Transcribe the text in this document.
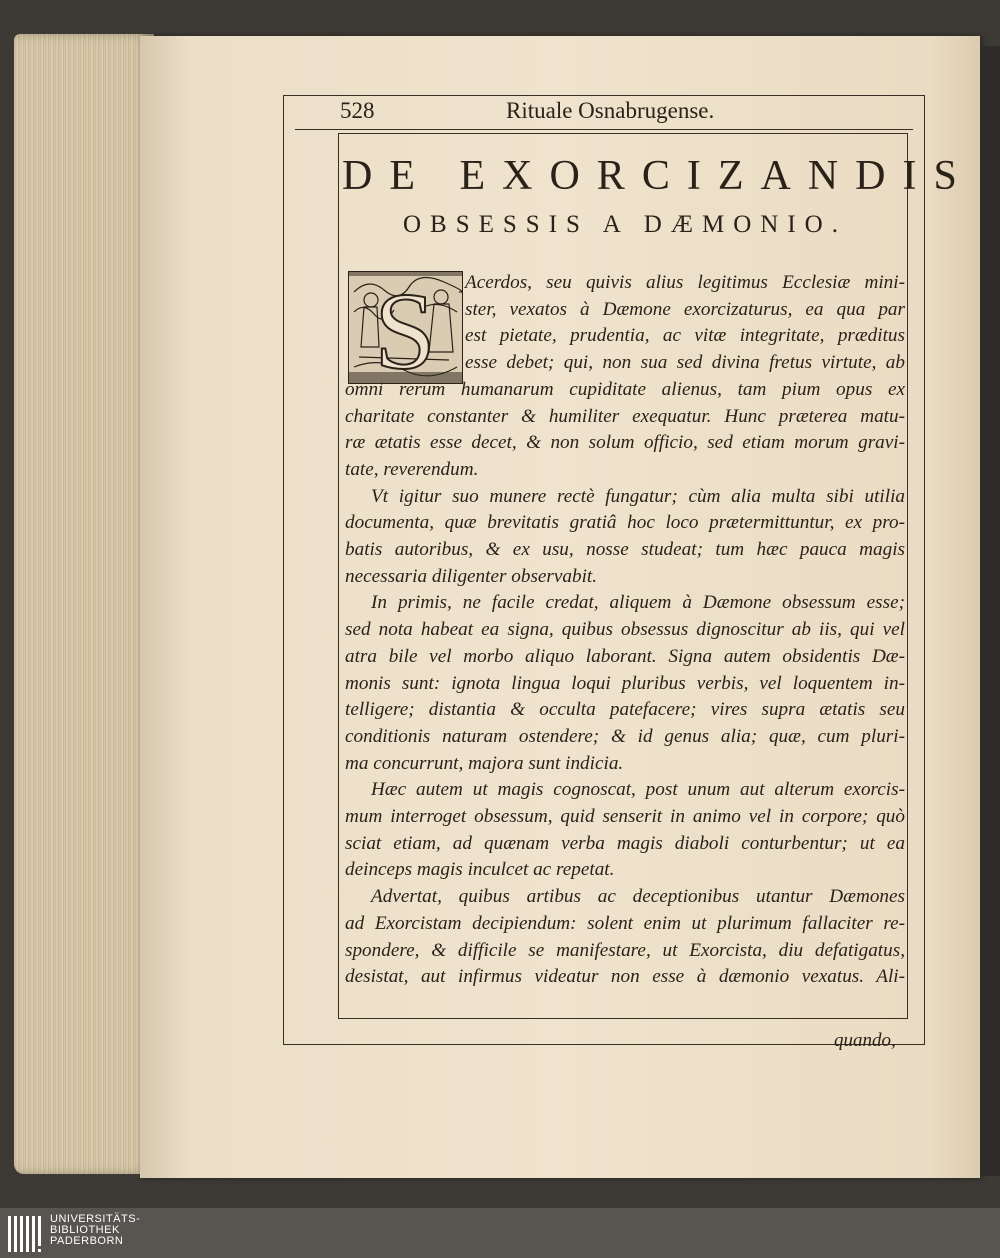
528	Rituale Osnabrugense.
DE EXORCIZANDIS
OBSESSIS A DÆMONIO.
S	Acerdos, seu quivis alius legitimus Ecclesiæ mini-
ster, vexatos à Dæmone exorcizaturus, ea qua par
est pietate, prudentia, ac vitæ integritate, præditus
esse debet; qui, non sua sed divina fretus virtute, ab
omni rerum humanarum cupiditate alienus, tam pium opus ex
charitate constanter & humiliter exequatur. Hunc præterea matu-
ræ ætatis esse decet, & non solum officio, sed etiam morum gravi-
tate, reverendum.
Vt igitur suo munere rectè fungatur; cùm alia multa sibi utilia
documenta, quæ brevitatis gratiâ hoc loco prætermittuntur, ex pro-
batis autoribus, & ex usu, nosse studeat; tum hæc pauca magis
necessaria diligenter observabit.
In primis, ne facile credat, aliquem à Dæmone obsessum esse;
sed nota habeat ea signa, quibus obsessus dignoscitur ab iis, qui vel
atra bile vel morbo aliquo laborant. Signa autem obsidentis Dæ-
monis sunt: ignota lingua loqui pluribus verbis, vel loquentem in-
telligere; distantia & occulta patefacere; vires supra ætatis seu
conditionis naturam ostendere; & id genus alia; quæ, cum pluri-
ma concurrunt, majora sunt indicia.
Hæc autem ut magis cognoscat, post unum aut alterum exorcis-
mum interroget obsessum, quid senserit in animo vel in corpore; quò
sciat etiam, ad quænam verba magis diaboli conturbentur; ut ea
deinceps magis inculcet ac repetat.
Advertat, quibus artibus ac deceptionibus utantur Dæmones
ad Exorcistam decipiendum: solent enim ut plurimum fallaciter re-
spondere, & difficile se manifestare, ut Exorcista, diu defatigatus,
desistat, aut infirmus videatur non esse à dæmonio vexatus. Ali-
quando,
UNIVERSITÄTS-
BIBLIOTHEK
PADERBORN
